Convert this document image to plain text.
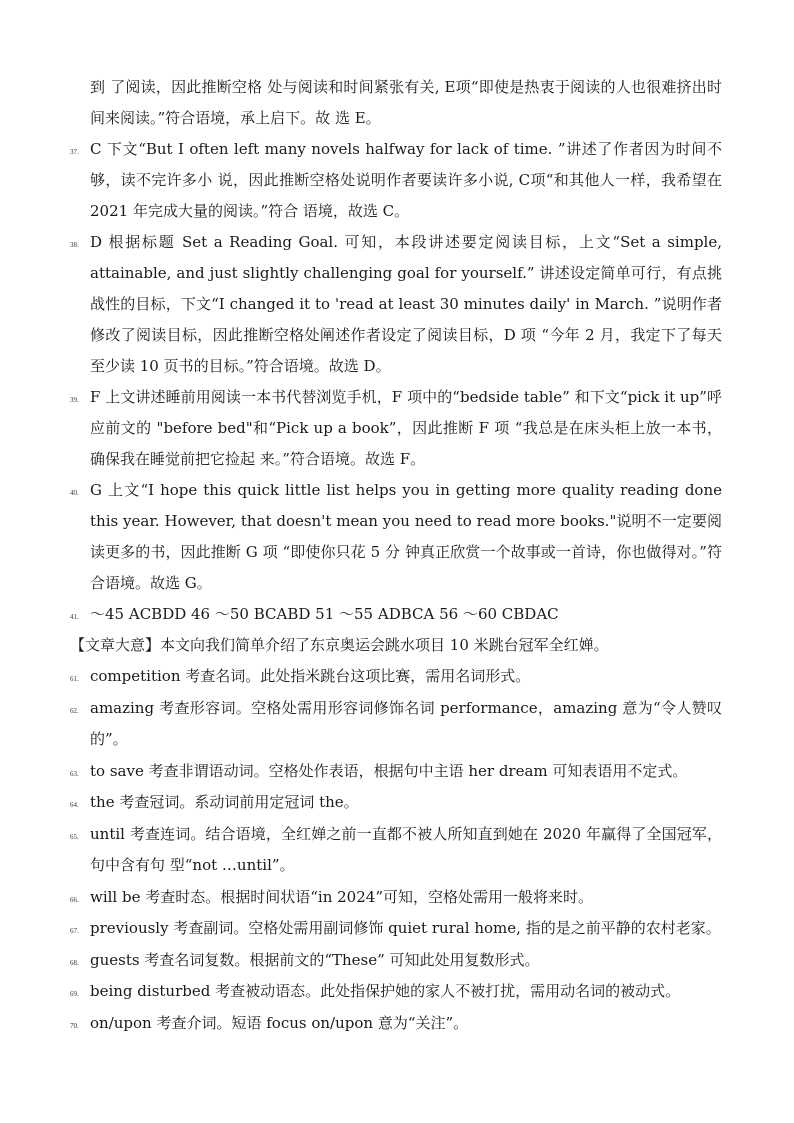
到 了阅读，因此推断空格 处与阅读和时间紧张有关, E项“即使是热衷于阅读的人也很难挤出时间来阅读。”符合语境，承上启下。故 选 E。
37. C 下文“But I often left many novels halfway for lack of time. ”讲述了作者因为时间不够，读不完许多小 说，因此推断空格处说明作者要读许多小说, C项“和其他人一样，我希望在 2021 年完成大量的阅读。”符合 语境，故选 C。
38. D 根据标题 Set a Reading Goal. 可知，本段讲述要定阅读目标，上文“Set a simple, attainable, and just slightly challenging goal for yourself.” 讲述设定简单可行，有点挑战性的目标，下文“I changed it to 'read at least 30 minutes daily' in March. ”说明作者修改了阅读目标，因此推断空格处阐述作者设定了阅读目标，D 项 “今年 2 月，我定下了每天至少读 10 页书的目标。”符合语境。故选 D。
39. F 上文讲述睡前用阅读一本书代替浏览手机，F 项中的“bedside table” 和下文“pick it up”呼应前文的 "before bed"和“Pick up a book”，因此推断 F 项 “我总是在床头柜上放一本书，确保我在睡觉前把它捡起 来。”符合语境。故选 F。
40. G 上文“I hope this quick little list helps you in getting more quality reading done this year. However, that doesn't mean you need to read more books."说明不一定要阅读更多的书，因此推断 G 项 “即使你只花 5 分 钟真正欣赏一个故事或一首诗，你也做得对。”符合语境。故选 G。
41. ～45 ACBDD 46 ～50 BCABD 51 ～55 ADBCA 56 ～60 CBDAC
【文章大意】本文向我们简单介绍了东京奥运会跳水项目 10 米跳台冠军全红婵。
61. competition 考查名词。此处指米跳台这项比赛，需用名词形式。
62. amazing 考查形容词。空格处需用形容词修饰名词 performance，amazing 意为“令人赞叹的”。
63. to save 考查非谓语动词。空格处作表语，根据句中主语 her dream 可知表语用不定式。
64. the 考查冠词。系动词前用定冠词 the。
65. until 考查连词。结合语境，全红婵之前一直都不被人所知直到她在 2020 年赢得了全国冠军，句中含有句 型“not …until”。
66. will be 考查时态。根据时间状语“in 2024”可知，空格处需用一般将来时。
67. previously 考查副词。空格处需用副词修饰 quiet rural home, 指的是之前平静的农村老家。
68. guests 考查名词复数。根据前文的“These” 可知此处用复数形式。
69. being disturbed 考查被动语态。此处指保护她的家人不被打扰，需用动名词的被动式。
70. on/upon 考查介词。短语 focus on/upon 意为“关注”。
